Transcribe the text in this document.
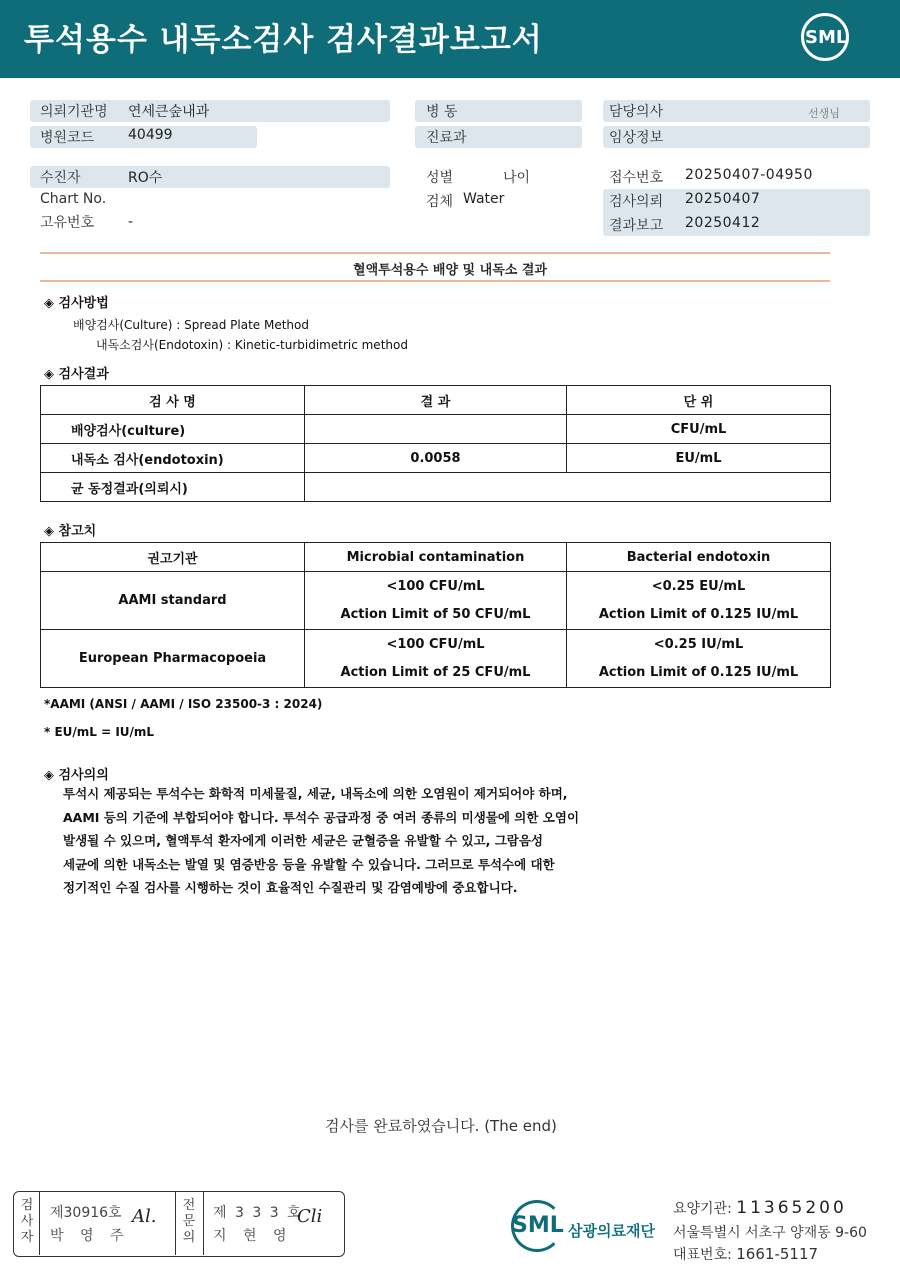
투석용수 내독소검사 검사결과보고서	SML
의뢰기관명 연세큰숲내과	병 동	담당의사	선생님
병원코드 40499	진료과	임상정보
수진자	RO수	성별	나이	접수번호 20250407-04950
Chart No.	검체 Water	검사의뢰 20250407
고유번호 -	결과보고 20250412
혈액투석용수 배양 및 내독소 결과
◈ 검사방법
배양검사(Culture) : Spread Plate Method
내독소검사(Endotoxin) : Kinetic-turbidimetric method
◈ 검사결과
검 사 명	결 과	단 위
배양검사(culture)		CFU/mL
내독소 검사(endotoxin)	0.0058	EU/mL
균 동정결과(의뢰시)		
◈ 참고치
권고기관	Microbial contamination	Bacterial endotoxin
AAMI standard	<100 CFU/mL	<0.25 EU/mL
	Action Limit of 50 CFU/mL	Action Limit of 0.125 IU/mL
European Pharmacopoeia	<100 CFU/mL	<0.25 IU/mL
	Action Limit of 25 CFU/mL	Action Limit of 0.125 IU/mL
*AAMI (ANSI / AAMI / ISO 23500-3 : 2024)
* EU/mL = IU/mL
◈ 검사의의
투석시 제공되는 투석수는 화학적 미세물질, 세균, 내독소에 의한 오염원이 제거되어야 하며,
AAMI 등의 기준에 부합되어야 합니다. 투석수 공급과정 중 여러 종류의 미생물에 의한 오염이
발생될 수 있으며, 혈액투석 환자에게 이러한 세균은 균혈증을 유발할 수 있고, 그람음성
세균에 의한 내독소는 발열 및 염증반응 등을 유발할 수 있습니다. 그러므로 투석수에 대한
정기적인 수질 검사를 시행하는 것이 효율적인 수질관리 및 감염예방에 중요합니다.
검사를 완료하였습니다. (The end)
검
사
자
제30916호
박 영 주
Al.
전
문
의
제 3 3 3 호
지 현 영
Cli	SML 삼광의료재단
요양기관: 11365200
서울특별시 서초구 양재동 9-60
대표번호: 1661-5117
